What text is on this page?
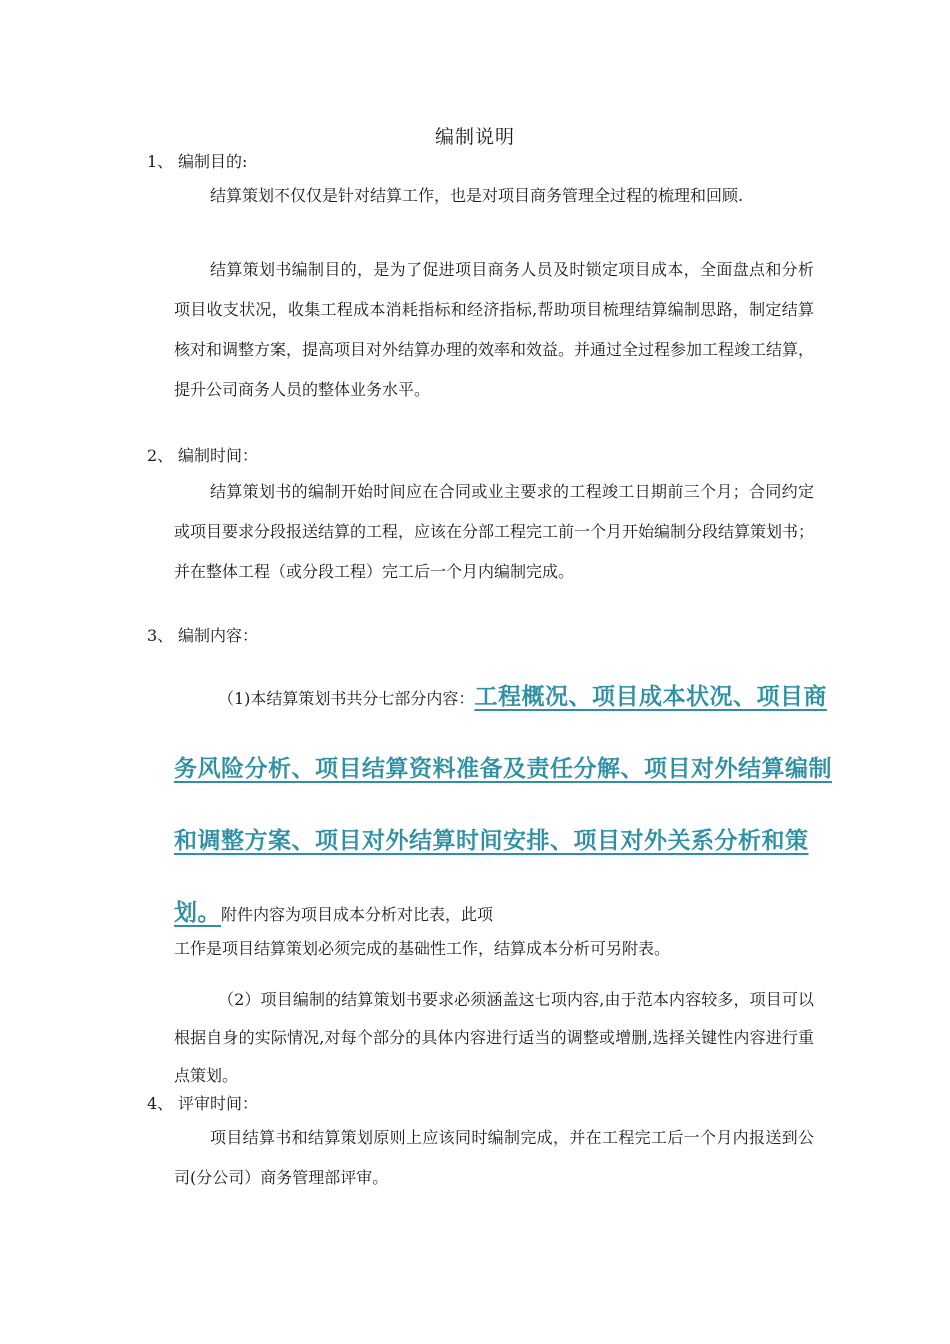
编制说明
1、 编制目的:
结算策划不仅仅是针对结算工作，也是对项目商务管理全过程的梳理和回顾.
结算策划书编制目的，是为了促进项目商务人员及时锁定项目成本，全面盘点和分析项目收支状况，收集工程成本消耗指标和经济指标,帮助项目梳理结算编制思路，制定结算核对和调整方案，提高项目对外结算办理的效率和效益。并通过全过程参加工程竣工结算，提升公司商务人员的整体业务水平。
2、 编制时间：
结算策划书的编制开始时间应在合同或业主要求的工程竣工日期前三个月；合同约定或项目要求分段报送结算的工程，应该在分部工程完工前一个月开始编制分段结算策划书；并在整体工程（或分段工程）完工后一个月内编制完成。
3、 编制内容：
（1)本结算策划书共分七部分内容：工程概况、项目成本状况、项目商务风险分析、项目结算资料准备及责任分解、项目对外结算编制和调整方案、项目对外结算时间安排、项目对外关系分析和策划。附件内容为项目成本分析对比表，此项
工作是项目结算策划必须完成的基础性工作，结算成本分析可另附表。
（2）项目编制的结算策划书要求必须涵盖这七项内容,由于范本内容较多，项目可以根据自身的实际情况,对每个部分的具体内容进行适当的调整或增删,选择关键性内容进行重点策划。
4、 评审时间：
项目结算书和结算策划原则上应该同时编制完成，并在工程完工后一个月内报送到公司(分公司）商务管理部评审。
